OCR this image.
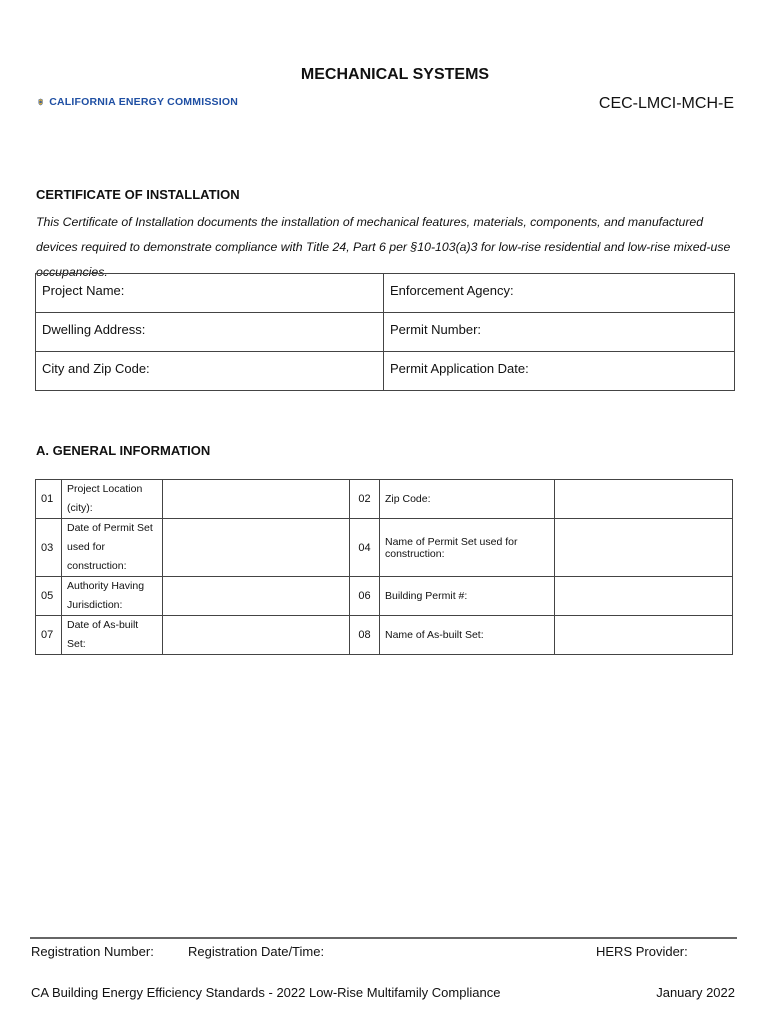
CALIFORNIA ENERGY COMMISSION
MECHANICAL SYSTEMS
CEC-LMCI-MCH-E
CERTIFICATE OF INSTALLATION
This Certificate of Installation documents the installation of mechanical features, materials, components, and manufactured devices required to demonstrate compliance with Title 24, Part 6 per §10-103(a)3 for low-rise residential and low-rise mixed-use occupancies.
Project Name:	Enforcement Agency:
Dwelling Address:	Permit Number:
City and Zip Code:	Permit Application Date:
A. GENERAL INFORMATION
01	Project Location (city):		02	Zip Code:	
03	Date of Permit Set used for construction:		04	Name of Permit Set used for construction:	
05	Authority Having Jurisdiction:		06	Building Permit #:	
07	Date of As-built Set:		08	Name of As-built Set:	
Registration Number:	Registration Date/Time:	HERS Provider:
CA Building Energy Efficiency Standards - 2022 Low-Rise Multifamily Compliance	January 2022
